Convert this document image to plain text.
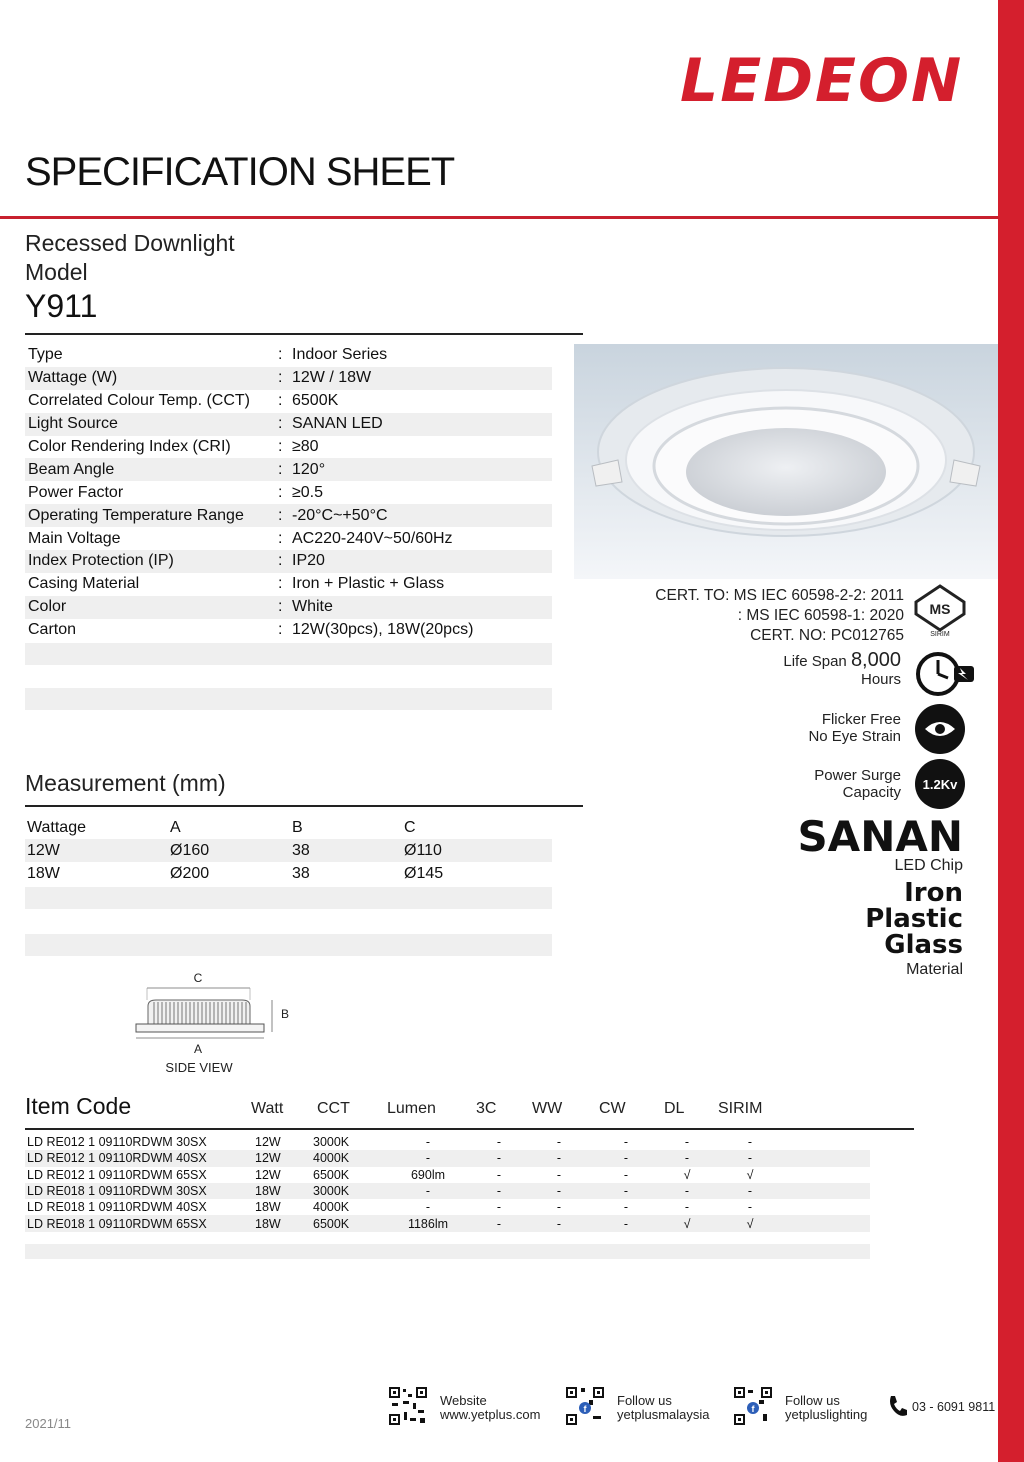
LEDEON
SPECIFICATION SHEET
Recessed Downlight
Model
Y911
Type	: Indoor Series
Wattage (W)	: 12W / 18W
Correlated Colour Temp. (CCT)	: 6500K
Light Source	: SANAN LED
Color Rendering Index (CRI)	: ≥80
Beam Angle	: 120°
Power Factor	: ≥0.5
Operating Temperature Range	: -20°C~+50°C
Main Voltage	: AC220-240V~50/60Hz
Index Protection (IP)	: IP20
Casing Material	: Iron + Plastic + Glass
Color	: White
Carton	: 12W(30pcs), 18W(20pcs)
CERT. TO: MS IEC 60598-2-2: 2011
: MS IEC 60598-1: 2020
CERT. NO: PC012765
MS
SIRIM
Life Span 8,000
Hours
Flicker Free
No Eye Strain
Power Surge
Capacity	1.2Kv
SANAN
LED Chip
Iron
Plastic
Glass
Material
Measurement (mm)
Wattage	A	B	C
12W	Ø160	38	Ø110
18W	Ø200	38	Ø145
C
B
A
SIDE VIEW
Item Code	Watt CCT Lumen	3C WW CW DL SIRIM
LD RE012 1 09110RDWM 30SX	12W	3000K	-	-	-	-	-	-
LD RE012 1 09110RDWM 40SX	12W	4000K	-	-	-	-	-	-
LD RE012 1 09110RDWM 65SX	12W	6500K	690lm	-	-	-	√	√
LD RE018 1 09110RDWM 30SX	18W	3000K	-	-	-	-	-	-
LD RE018 1 09110RDWM 40SX	18W	4000K	-	-	-	-	-	-
LD RE018 1 09110RDWM 65SX	18W	6500K	1186lm	-	-	-	√	√
2021/11
Website
www.yetplus.com	f
Follow us
yetplusmalaysia	f
Follow us
yetpluslighting	03 - 6091 9811
